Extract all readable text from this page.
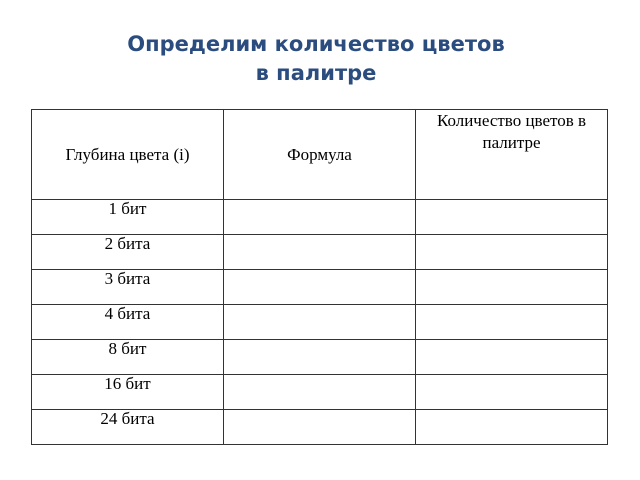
Определим количество цветов
в палитре
Глубина цвета (i)	Формула	Количество цветов в палитре

1 бит		

2 бита		

3 бита		

4 бита		

8 бит		

16 бит		

24 бита		
